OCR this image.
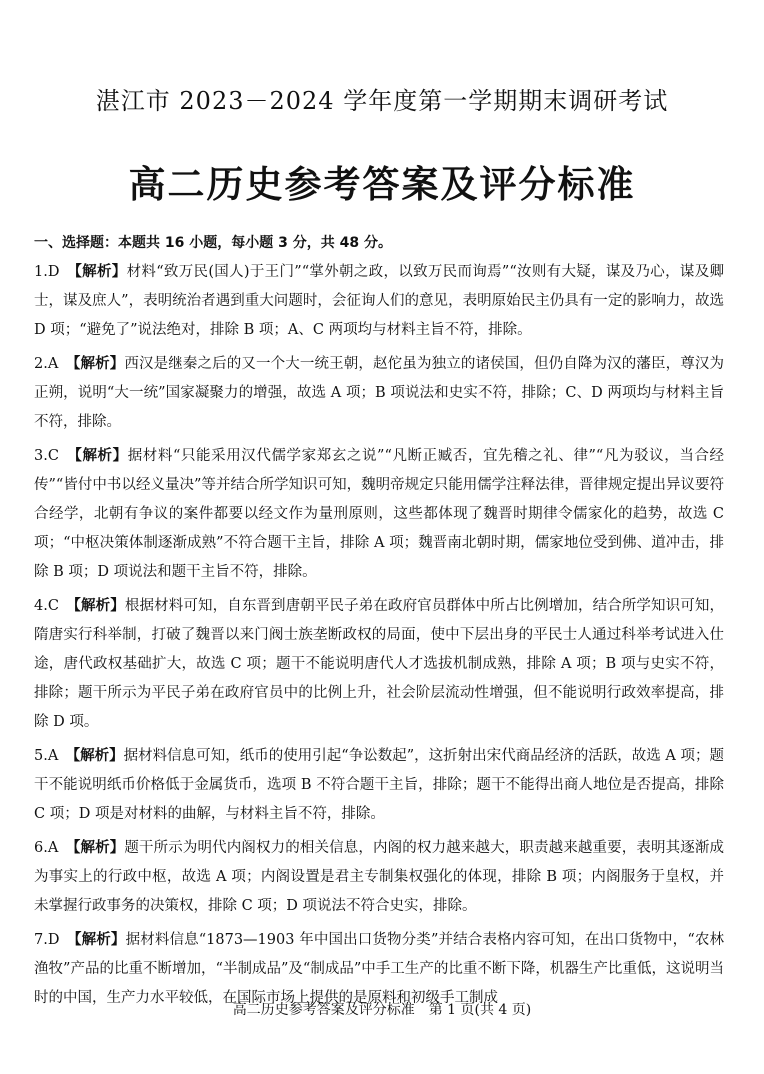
湛江市 2023－2024 学年度第一学期期末调研考试
高二历史参考答案及评分标准
一、选择题：本题共 16 小题，每小题 3 分，共 48 分。

1.D　 【解析】材料“致万民(国人)于王门”“掌外朝之政，以致万民而询焉”“汝则有大疑，谋及乃心，谋及卿士，谋及庶人”，表明统治者遇到重大问题时，会征询人们的意见，表明原始民主仍具有一定的影响力，故选 D 项；“避免了”说法绝对，排除 B 项；A、C 两项均与材料主旨不符，排除。

2.A　 【解析】西汉是继秦之后的又一个大一统王朝，赵佗虽为独立的诸侯国，但仍自降为汉的藩臣，尊汉为正朔，说明“大一统”国家凝聚力的增强，故选 A 项；B 项说法和史实不符，排除；C、D 两项均与材料主旨不符，排除。

3.C　 【解析】据材料“只能采用汉代儒学家郑玄之说”“凡断正臧否，宜先稽之礼、律”“凡为驳议，当合经传”“皆付中书以经义量决”等并结合所学知识可知，魏明帝规定只能用儒学注释法律，晋律规定提出异议要符合经学，北朝有争议的案件都要以经文作为量刑原则，这些都体现了魏晋时期律令儒家化的趋势，故选 C 项；“中枢决策体制逐渐成熟”不符合题干主旨，排除 A 项；魏晋南北朝时期，儒家地位受到佛、道冲击，排除 B 项；D 项说法和题干主旨不符，排除。

4.C　 【解析】根据材料可知，自东晋到唐朝平民子弟在政府官员群体中所占比例增加，结合所学知识可知，隋唐实行科举制，打破了魏晋以来门阀士族垄断政权的局面，使中下层出身的平民士人通过科举考试进入仕途，唐代政权基础扩大，故选 C 项；题干不能说明唐代人才选拔机制成熟，排除 A 项；B 项与史实不符，排除；题干所示为平民子弟在政府官员中的比例上升，社会阶层流动性增强，但不能说明行政效率提高，排除 D 项。

5.A　 【解析】据材料信息可知，纸币的使用引起“争讼数起”，这折射出宋代商品经济的活跃，故选 A 项；题干不能说明纸币价格低于金属货币，选项 B 不符合题干主旨，排除；题干不能得出商人地位是否提高，排除 C 项；D 项是对材料的曲解，与材料主旨不符，排除。

6.A　 【解析】题干所示为明代内阁权力的相关信息，内阁的权力越来越大，职责越来越重要，表明其逐渐成为事实上的行政中枢，故选 A 项；内阁设置是君主专制集权强化的体现，排除 B 项；内阁服务于皇权，并未掌握行政事务的决策权，排除 C 项；D 项说法不符合史实，排除。

7.D　 【解析】据材料信息“1873—1903 年中国出口货物分类”并结合表格内容可知，在出口货物中，“农林渔牧”产品的比重不断增加，“半制成品”及“制成品”中手工生产的比重不断下降，机器生产比重低，这说明当时的中国，生产力水平较低，在国际市场上提供的是原料和初级手工制成

高二历史参考答案及评分标准　第 1 页(共 4 页)
